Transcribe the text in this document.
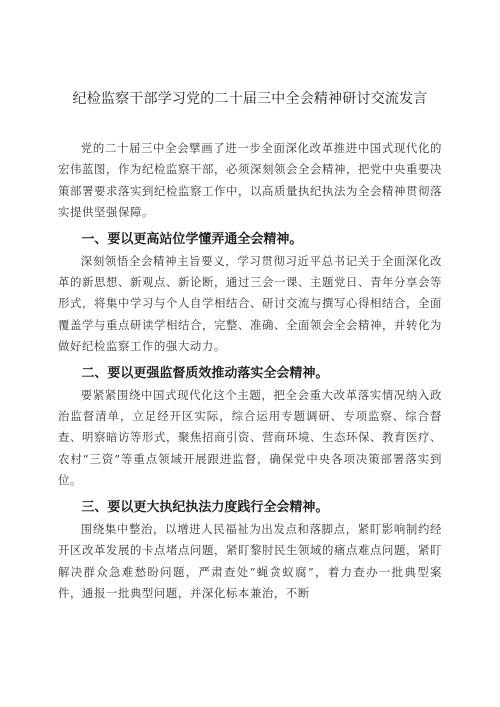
纪检监察干部学习党的二十届三中全会精神研讨交流发言

党的二十届三中全会擘画了进一步全面深化改革推进中国式现代化的宏伟蓝图，作为纪检监察干部，必须深刻领会全会精神，把党中央重要决策部署要求落实到纪检监察工作中，以高质量执纪执法为全会精神贯彻落实提供坚强保障。

一、要以更高站位学懂弄通全会精神。

深刻领悟全会精神主旨要义，学习贯彻习近平总书记关于全面深化改革的新思想、新观点、新论断，通过三会一课、主题党日、青年分享会等形式，将集中学习与个人自学相结合、研讨交流与撰写心得相结合，全面覆盖学与重点研读学相结合，完整、准确、全面领会全会精神，并转化为做好纪检监察工作的强大动力。

二、要以更强监督质效推动落实全会精神。

要紧紧围绕中国式现代化这个主题，把全会重大改革落实情况纳入政治监督清单，立足经开区实际，综合运用专题调研、专项监察、综合督查、明察暗访等形式，聚焦招商引资、营商环境、生态环保、教育医疗、农村“三资”等重点领域开展跟进监督，确保党中央各项决策部署落实到位。

三、要以更大执纪执法力度践行全会精神。

围绕集中整治，以增进人民福祉为出发点和落脚点，紧盯影响制约经开区改革发展的卡点堵点问题，紧盯黎肘民生领域的痛点难点问题，紧盯解决群众急难愁盼问题，严肃查处“蝇贪蚁腐”，着力查办一批典型案件，通报一批典型问题，并深化标本兼治，不断
